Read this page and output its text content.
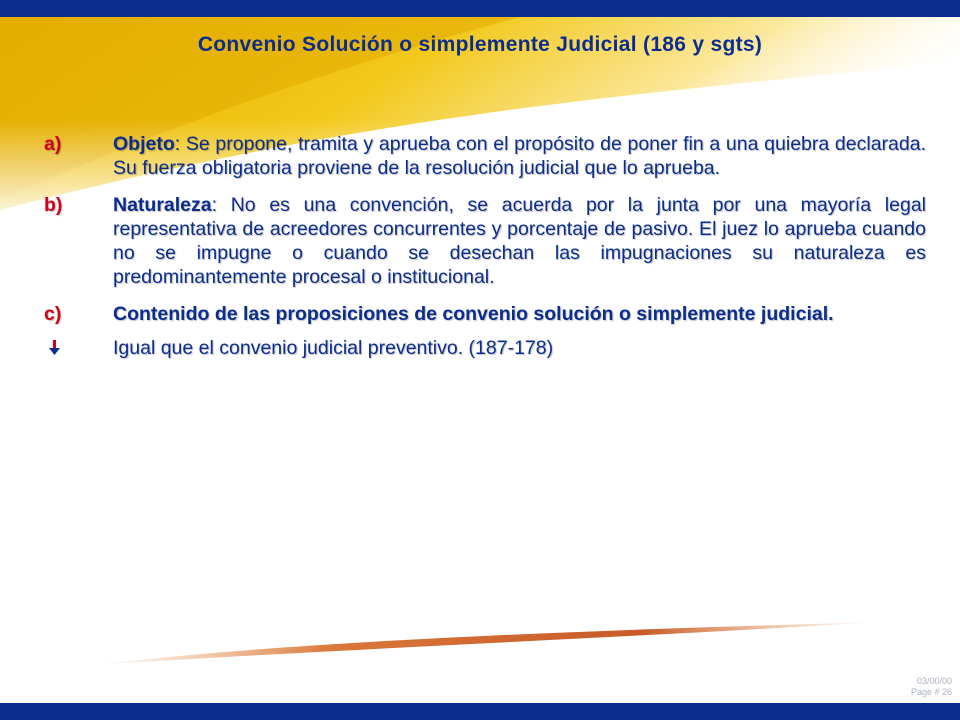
Convenio Solución o simplemente Judicial (186 y sgts)
a)	Objeto: Se propone, tramita y aprueba con el propósito de poner fin a una quiebra declarada. Su fuerza obligatoria proviene de la resolución judicial que lo aprueba.
b)	Naturaleza: No es una convención, se acuerda por la junta por una mayoría legal representativa de acreedores concurrentes y porcentaje de pasivo. El juez lo aprueba cuando no se impugne o cuando se desechan las impugnaciones su naturaleza es predominantemente procesal o institucional.
c)	Contenido de las proposiciones de convenio solución o simplemente judicial.
Igual que el convenio judicial preventivo. (187-178)
03/00/00
Page # 26
